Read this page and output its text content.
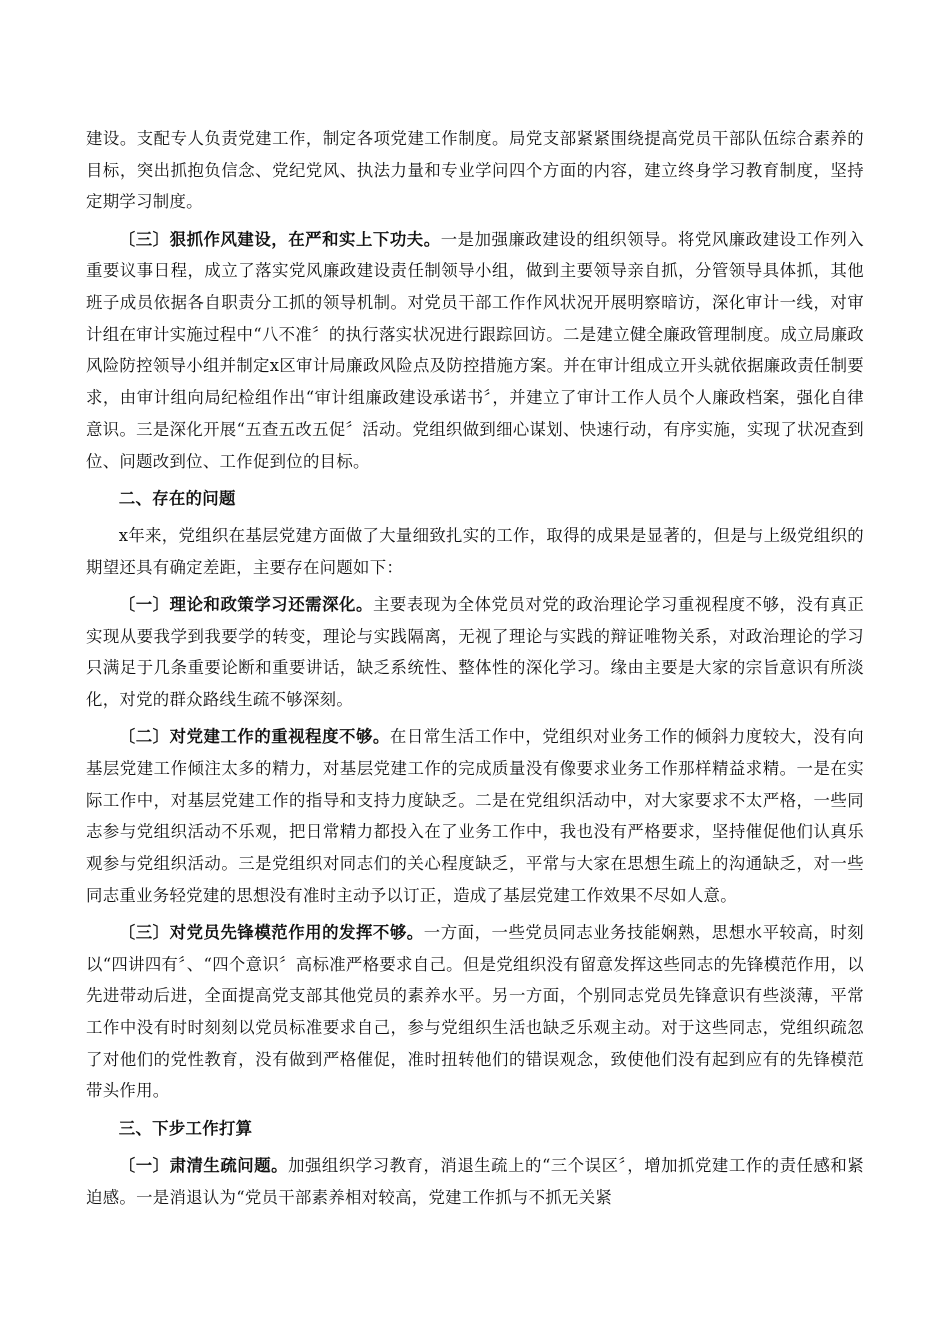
建设。支配专人负责党建工作，制定各项党建工作制度。局党支部紧紧围绕提高党员干部队伍综合素养的目标，突出抓抱负信念、党纪党风、执法力量和专业学问四个方面的内容，建立终身学习教育制度，坚持定期学习制度。

〔三〕狠抓作风建设，在严和实上下功夫。一是加强廉政建设的组织领导。将党风廉政建设工作列入重要议事日程，成立了落实党风廉政建设责任制领导小组，做到主要领导亲自抓，分管领导具体抓，其他班子成员依据各自职责分工抓的领导机制。对党员干部工作作风状况开展明察暗访，深化审计一线，对审计组在审计实施过程中“八不准〞的执行落实状况进行跟踪回访。二是建立健全廉政管理制度。成立局廉政风险防控领导小组并制定x区审计局廉政风险点及防控措施方案。并在审计组成立开头就依据廉政责任制要求，由审计组向局纪检组作出“审计组廉政建设承诺书〞，并建立了审计工作人员个人廉政档案，强化自律意识。三是深化开展“五查五改五促〞活动。党组织做到细心谋划、快速行动，有序实施，实现了状况查到位、问题改到位、工作促到位的目标。

二、存在的问题

x年来，党组织在基层党建方面做了大量细致扎实的工作，取得的成果是显著的，但是与上级党组织的期望还具有确定差距，主要存在问题如下：

〔一〕理论和政策学习还需深化。主要表现为全体党员对党的政治理论学习重视程度不够，没有真正实现从要我学到我要学的转变，理论与实践隔离，无视了理论与实践的辩证唯物关系，对政治理论的学习只满足于几条重要论断和重要讲话，缺乏系统性、整体性的深化学习。缘由主要是大家的宗旨意识有所淡化，对党的群众路线生疏不够深刻。

〔二〕对党建工作的重视程度不够。在日常生活工作中，党组织对业务工作的倾斜力度较大，没有向基层党建工作倾注太多的精力，对基层党建工作的完成质量没有像要求业务工作那样精益求精。一是在实际工作中，对基层党建工作的指导和支持力度缺乏。二是在党组织活动中，对大家要求不太严格，一些同志参与党组织活动不乐观，把日常精力都投入在了业务工作中，我也没有严格要求，坚持催促他们认真乐观参与党组织活动。三是党组织对同志们的关心程度缺乏，平常与大家在思想生疏上的沟通缺乏，对一些同志重业务轻党建的思想没有准时主动予以订正，造成了基层党建工作效果不尽如人意。

〔三〕对党员先锋模范作用的发挥不够。一方面，一些党员同志业务技能娴熟，思想水平较高，时刻以“四讲四有〞、“四个意识〞高标准严格要求自己。但是党组织没有留意发挥这些同志的先锋模范作用，以先进带动后进，全面提高党支部其他党员的素养水平。另一方面，个别同志党员先锋意识有些淡薄，平常工作中没有时时刻刻以党员标准要求自己，参与党组织生活也缺乏乐观主动。对于这些同志，党组织疏忽了对他们的党性教育，没有做到严格催促，准时扭转他们的错误观念，致使他们没有起到应有的先锋模范带头作用。

三、下步工作打算

〔一〕肃清生疏问题。加强组织学习教育，消退生疏上的“三个误区〞，增加抓党建工作的责任感和紧迫感。一是消退认为“党员干部素养相对较高，党建工作抓与不抓无关紧
